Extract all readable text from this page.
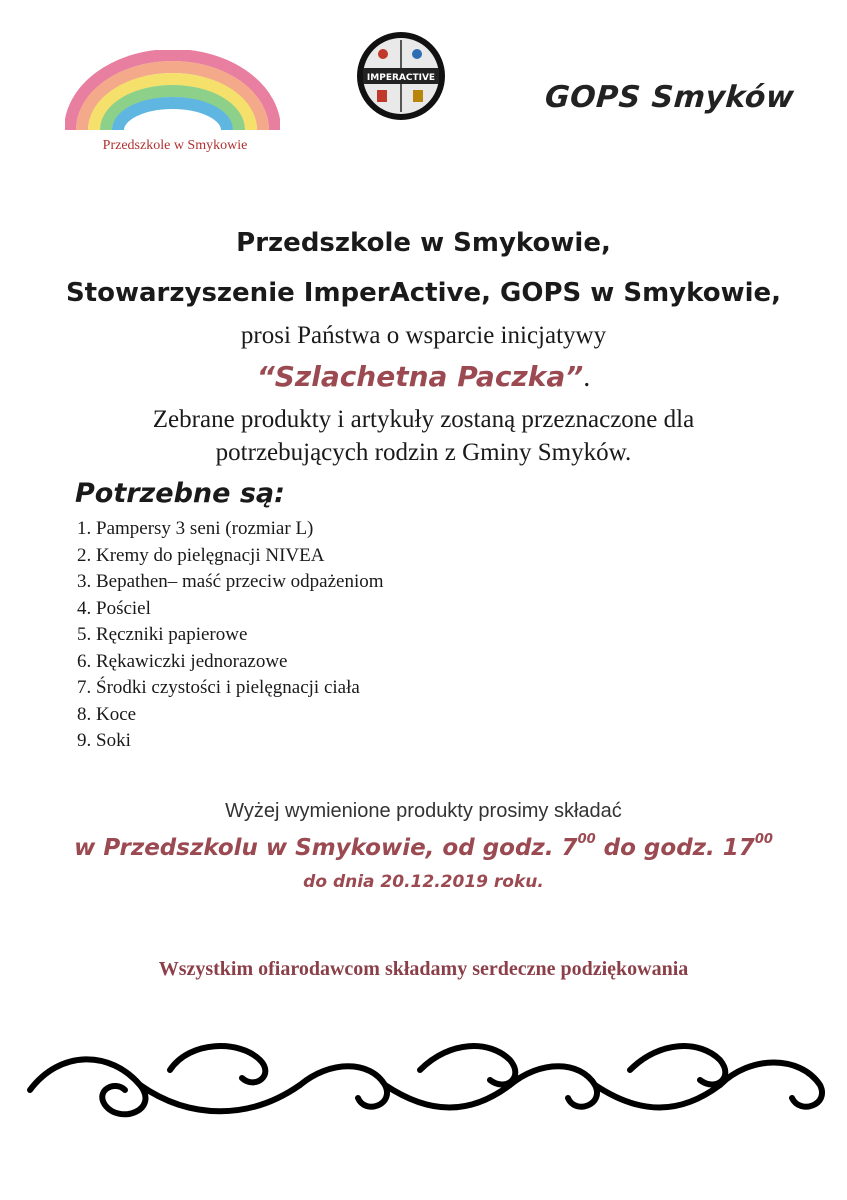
Przedszkole w Smykowie
IMPERACTIVE
GOPS Smyków
Przedszkole w Smykowie,
Stowarzyszenie ImperActive, GOPS w Smykowie,
prosi Państwa o wsparcie inicjatywy
“Szlachetna Paczka”.
Zebrane produkty i artykuły zostaną przeznaczone dla
potrzebujących rodzin z Gminy Smyków.
Potrzebne są:
1. Pampersy 3 seni (rozmiar L)
2. Kremy do pielęgnacji NIVEA
3. Bepathen– maść przeciw odpażeniom
4. Pościel
5. Ręczniki papierowe
6. Rękawiczki jednorazowe
7. Środki czystości i pielęgnacji ciała
8. Koce
9. Soki
Wyżej wymienione produkty prosimy składać
w Przedszkolu w Smykowie, od godz. $7^{00}$ do godz. $17^{00}$
do dnia 20.12.2019 roku.
Wszystkim ofiarodawcom składamy serdeczne podziękowania
